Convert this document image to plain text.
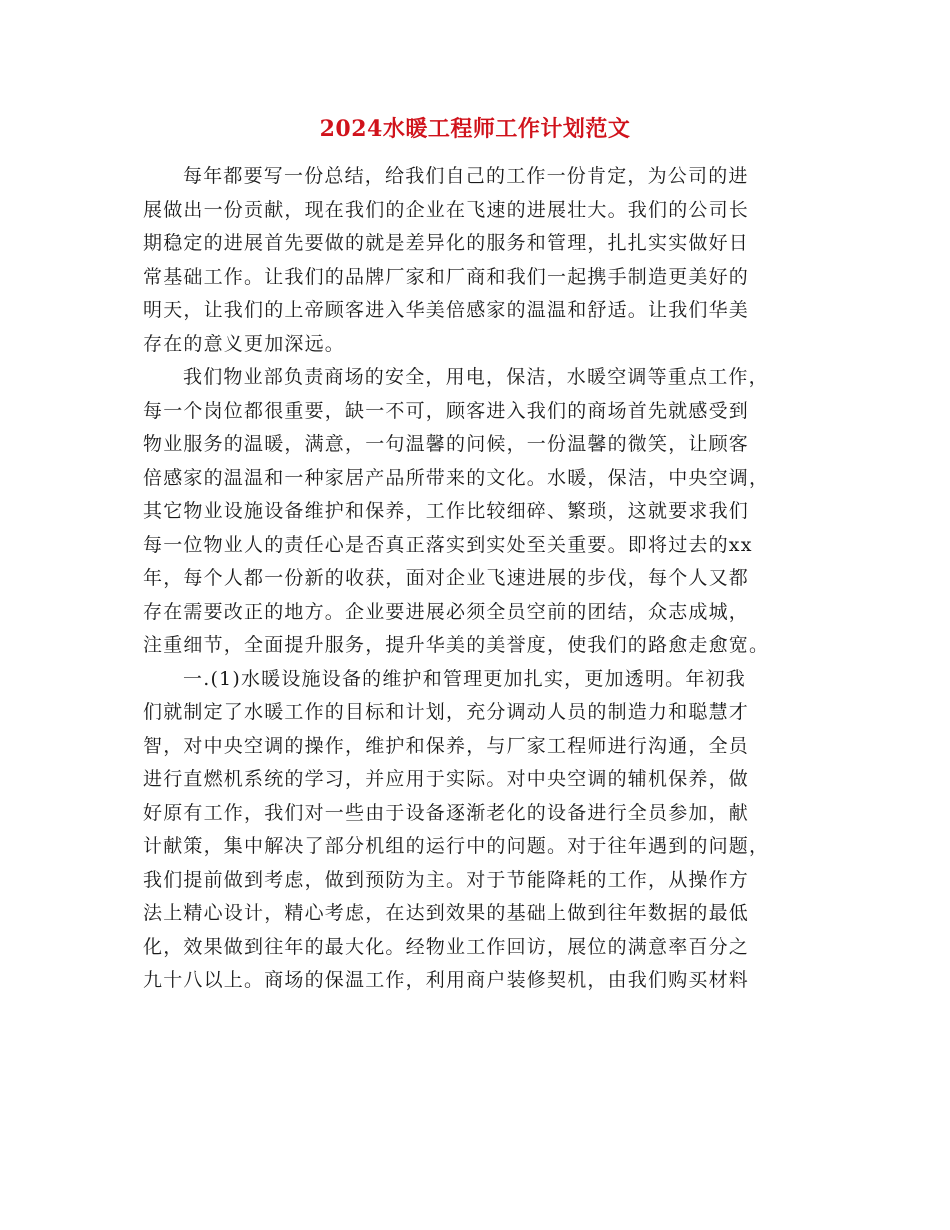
2024水暖工程师工作计划范文
每年都要写一份总结，给我们自己的工作一份肯定，为公司的进
展做出一份贡献，现在我们的企业在飞速的进展壮大。我们的公司长
期稳定的进展首先要做的就是差异化的服务和管理，扎扎实实做好日
常基础工作。让我们的品牌厂家和厂商和我们一起携手制造更美好的
明天，让我们的上帝顾客进入华美倍感家的温温和舒适。让我们华美
存在的意义更加深远。
我们物业部负责商场的安全，用电，保洁，水暖空调等重点工作，
每一个岗位都很重要，缺一不可，顾客进入我们的商场首先就感受到
物业服务的温暖，满意，一句温馨的问候，一份温馨的微笑，让顾客
倍感家的温温和一种家居产品所带来的文化。水暖，保洁，中央空调，
其它物业设施设备维护和保养，工作比较细碎、繁琐，这就要求我们
每一位物业人的责任心是否真正落实到实处至关重要。即将过去的xx
年，每个人都一份新的收获，面对企业飞速进展的步伐，每个人又都
存在需要改正的地方。企业要进展必须全员空前的团结，众志成城，
注重细节，全面提升服务，提升华美的美誉度，使我们的路愈走愈宽。
一.(1)水暖设施设备的维护和管理更加扎实，更加透明。年初我
们就制定了水暖工作的目标和计划，充分调动人员的制造力和聪慧才
智，对中央空调的操作，维护和保养，与厂家工程师进行沟通，全员
进行直燃机系统的学习，并应用于实际。对中央空调的辅机保养，做
好原有工作，我们对一些由于设备逐渐老化的设备进行全员参加，献
计献策，集中解决了部分机组的运行中的问题。对于往年遇到的问题，
我们提前做到考虑，做到预防为主。对于节能降耗的工作，从操作方
法上精心设计，精心考虑，在达到效果的基础上做到往年数据的最低
化，效果做到往年的最大化。经物业工作回访，展位的满意率百分之
九十八以上。商场的保温工作，利用商户装修契机，由我们购买材料
